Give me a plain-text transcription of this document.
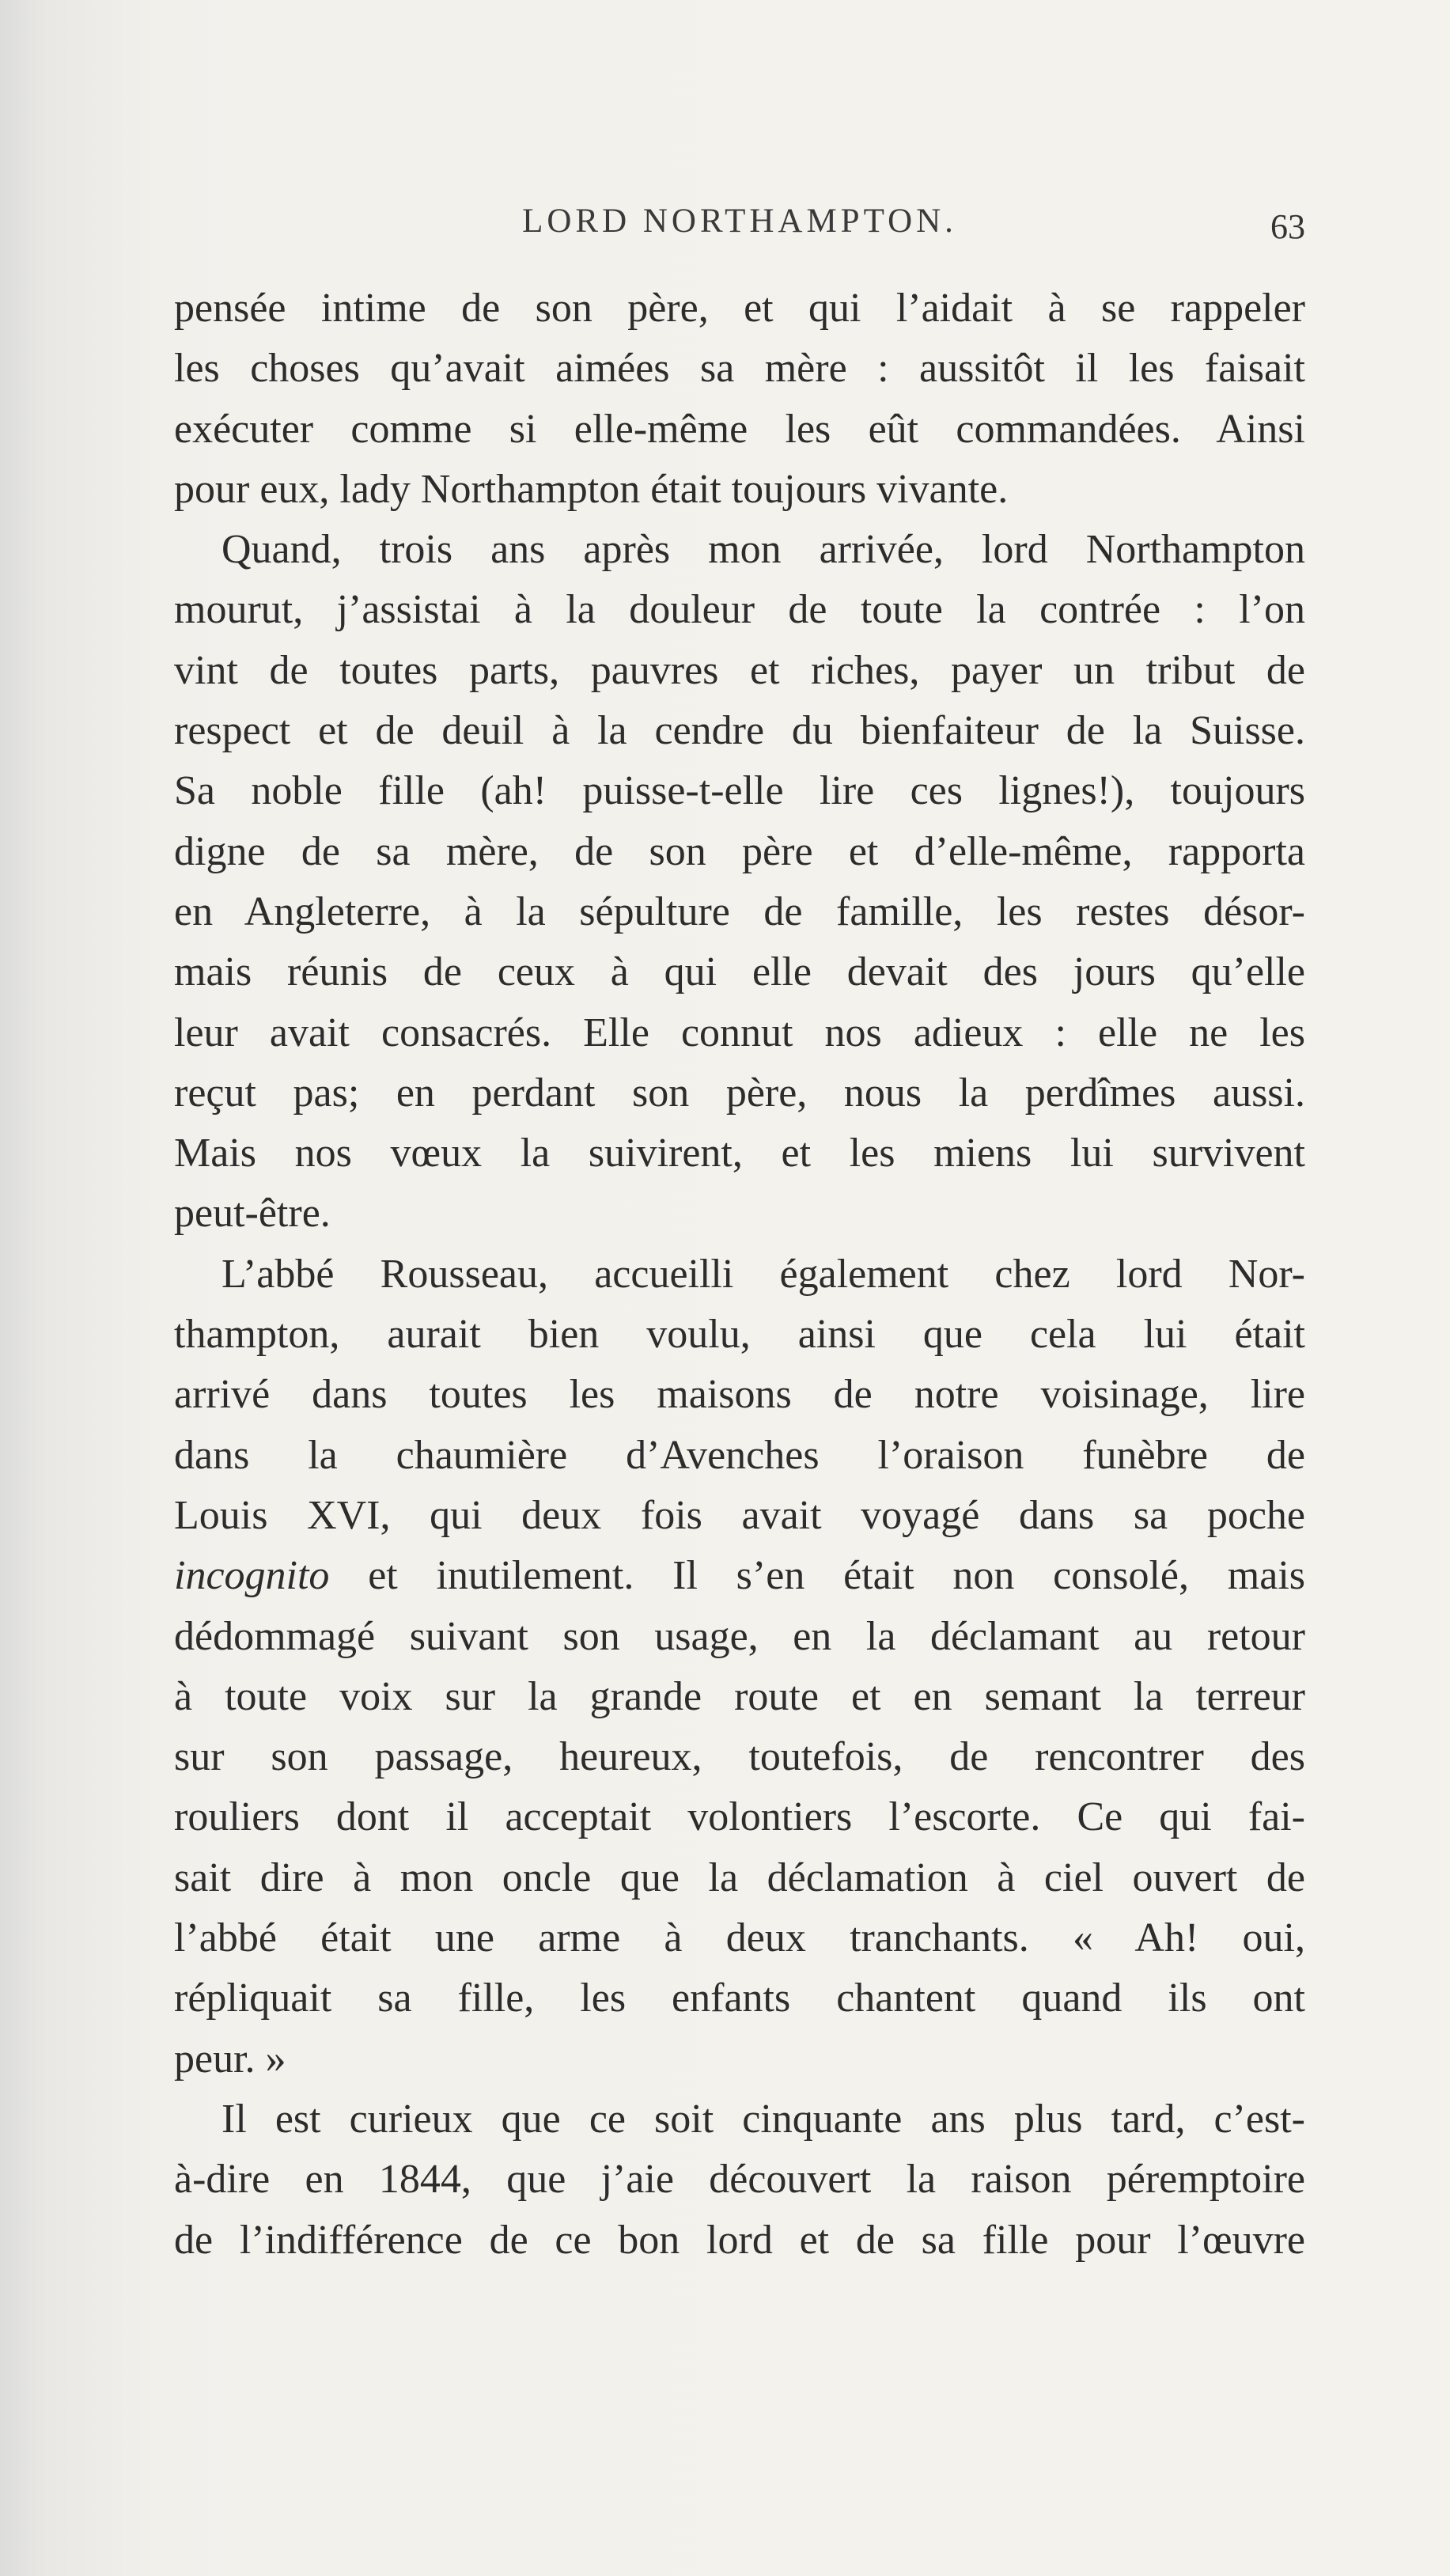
LORD NORTHAMPTON.	63
pensée intime de son père, et qui l’aidait à se rappeler
les choses qu’avait aimées sa mère : aussitôt il les faisait
exécuter comme si elle-même les eût commandées. Ainsi
pour eux, lady Northampton était toujours vivante.
Quand, trois ans après mon arrivée, lord Northampton
mourut, j’assistai à la douleur de toute la contrée : l’on
vint de toutes parts, pauvres et riches, payer un tribut de
respect et de deuil à la cendre du bienfaiteur de la Suisse.
Sa noble fille (ah! puisse-t-elle lire ces lignes!), toujours
digne de sa mère, de son père et d’elle-même, rapporta
en Angleterre, à la sépulture de famille, les restes désor-
mais réunis de ceux à qui elle devait des jours qu’elle
leur avait consacrés. Elle connut nos adieux : elle ne les
reçut pas; en perdant son père, nous la perdîmes aussi.
Mais nos vœux la suivirent, et les miens lui survivent
peut-être.
L’abbé Rousseau, accueilli également chez lord Nor-
thampton, aurait bien voulu, ainsi que cela lui était
arrivé dans toutes les maisons de notre voisinage, lire
dans la chaumière d’Avenches l’oraison funèbre de
Louis XVI, qui deux fois avait voyagé dans sa poche
incognito et inutilement. Il s’en était non consolé, mais
dédommagé suivant son usage, en la déclamant au retour
à toute voix sur la grande route et en semant la terreur
sur son passage, heureux, toutefois, de rencontrer des
rouliers dont il acceptait volontiers l’escorte. Ce qui fai-
sait dire à mon oncle que la déclamation à ciel ouvert de
l’abbé était une arme à deux tranchants. « Ah! oui,
répliquait sa fille, les enfants chantent quand ils ont
peur. »
Il est curieux que ce soit cinquante ans plus tard, c’est-
à-dire en 1844, que j’aie découvert la raison péremptoire
de l’indifférence de ce bon lord et de sa fille pour l’œuvre
